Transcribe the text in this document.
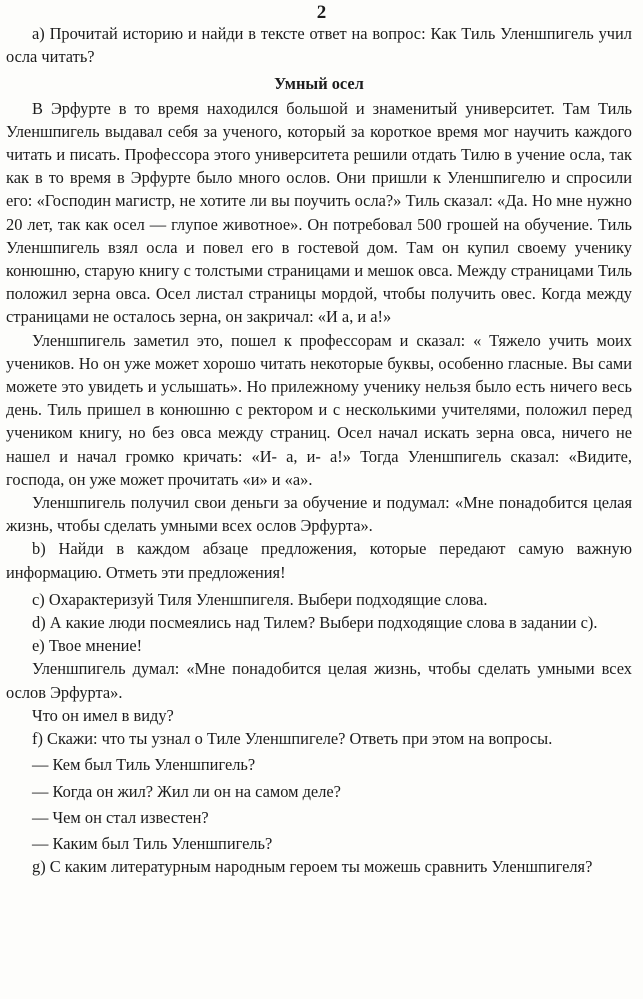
2

a) Прочитай историю и найди в тексте ответ на вопрос: Как Тиль Уленшпигель учил осла читать?

Умный осел

В Эрфурте в то время находился большой и знаменитый университет. Там Тиль Уленшпигель выдавал себя за ученого, который за короткое время мог научить каждого читать и писать. Профессора этого университета решили отдать Тилю в учение осла, так как в то время в Эрфурте было много ослов. Они пришли к Уленшпигелю и спросили его: «Господин магистр, не хотите ли вы поучить осла?» Тиль сказал: «Да. Но мне нужно 20 лет, так как осел — глупое животное». Он потребовал 500 грошей на обучение. Тиль Уленшпигель взял осла и повел его в гостевой дом. Там он купил своему ученику конюшню, старую книгу с толстыми страницами и мешок овса. Между страницами Тиль положил зерна овса. Осел листал страницы мордой, чтобы получить овес. Когда между страницами не осталось зерна, он закричал: «И а, и а!»

Уленшпигель заметил это, пошел к профессорам и сказал: « Тяжело учить моих учеников. Но он уже может хорошо читать некоторые буквы, особенно гласные. Вы сами можете это увидеть и услышать». Но прилежному ученику нельзя было есть ничего весь день. Тиль пришел в конюшню с ректором и с несколькими учителями, положил перед учеником книгу, но без овса между страниц. Осел начал искать зерна овса, ничего не нашел и начал громко кричать: «И- а, и- а!» Тогда Уленшпигель сказал: «Видите, господа, он уже может прочитать «и» и «а».

Уленшпигель получил свои деньги за обучение и подумал: «Мне понадобится целая жизнь, чтобы сделать умными всех ослов Эрфурта».

b) Найди в каждом абзаце предложения, которые передают самую важную информацию. Отметь эти предложения!

c) Охарактеризуй Тиля Уленшпигеля. Выбери подходящие слова.

d) А какие люди посмеялись над Тилем? Выбери подходящие слова в задании с).

e) Твое мнение!

Уленшпигель думал: «Мне понадобится целая жизнь, чтобы сделать умными всех ослов Эрфурта».

Что он имел в виду?

f) Скажи: что ты узнал о Тиле Уленшпигеле? Ответь при этом на вопросы.

— Кем был Тиль Уленшпигель?

— Когда он жил? Жил ли он на самом деле?

— Чем он стал известен?

— Каким был Тиль Уленшпигель?

g) С каким литературным народным героем ты можешь сравнить Уленшпигеля?
